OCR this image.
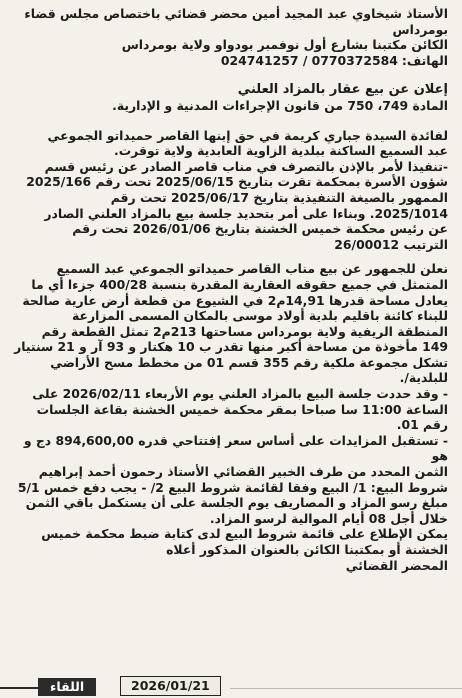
الأستاذ شيخاوي عبد المجيد أمين محضر قضائي باختصاص مجلس قضاء
بومرداس
الكائن مكتبنا بشارع أول نوفمبر بودواو ولاية بومرداس
الهاتف:024741257 / 0770372584
إعلان عن بيع عقار بالمزاد العلني
المادة 749، 750 من قانون الإجراءات المدنية و الإدارية.

لفائدة السيدة جباري كريمة في حق إبنها القاصر حميداتو الجموعي
عبد السميع الساكنة ببلدية الزاوية العابدية ولاية توقرت.

-تنفيذا لأمر بالإذن بالتصرف في مناب قاصر الصادر عن رئيس قسم
شؤون الأسرة بمحكمة تقرت بتاريخ 2025/06/15 تحت رقم 2025/166
الممهور بالصيغة التنفيذية بتاريخ 2025/06/17 تحت رقم
2025/1014. وبناءا على أمر بتحديد جلسة بيع بالمزاد العلني الصادر
عن رئيس محكمة خميس الخشنة بتاريخ 2026/01/06 تحت رقم
الترتيب 26/00012

نعلن للجمهور عن بيع مناب القاصر حميداتو الجموعي عبد السميع
المتمثل في جميع حقوقه العقارية المقدرة بنسبة 400/28 جزءا أي ما
يعادل مساحة قدرها 14,91م2 في الشيوع من قطعة أرض عارية صالحة
للبناء كائنة باقليم بلدية أولاد موسى بالمكان المسمى المزارعة
المنطقة الريفية ولاية بومرداس مساحتها 213م2 تمثل القطعة رقم
149 مأخوذة من مساحة أكبر منها تقدر ب 10 هكتار و 93 آر و 21 سنتيار
تشكل مجموعة ملكية رقم 355 قسم 01 من مخطط مسح الأراضي
للبلدية/.

- وقد حددت جلسة البيع بالمزاد العلني يوم الأربعاء 2026/02/11 على
الساعة 11:00 سا صباحا بمقر محكمة خميس الخشنة بقاعة الجلسات
رقم 01.

- تستقبل المزايدات على أساس سعر إفتتاحي قدره 894,600,00 دج و هو
الثمن المحدد من طرف الخبير القضائي الأستاذ رحمون أحمد إبراهيم
شروط البيع: 1/ البيع وفقا لقائمة شروط البيع 2/ - يجب دفع خمس 5/1
مبلغ رسو المزاد و المصاريف يوم الجلسة على أن يستكمل باقي الثمن
خلال أجل 08 أيام الموالية لرسو المزاد.

يمكن الإطلاع على قائمة شروط البيع لدى كتابة ضبط محكمة خميس
الخشنة أو بمكتبنا الكائن بالعنوان المذكور أعلاه

المحضر القضائي

اللقاء	2026/01/21
